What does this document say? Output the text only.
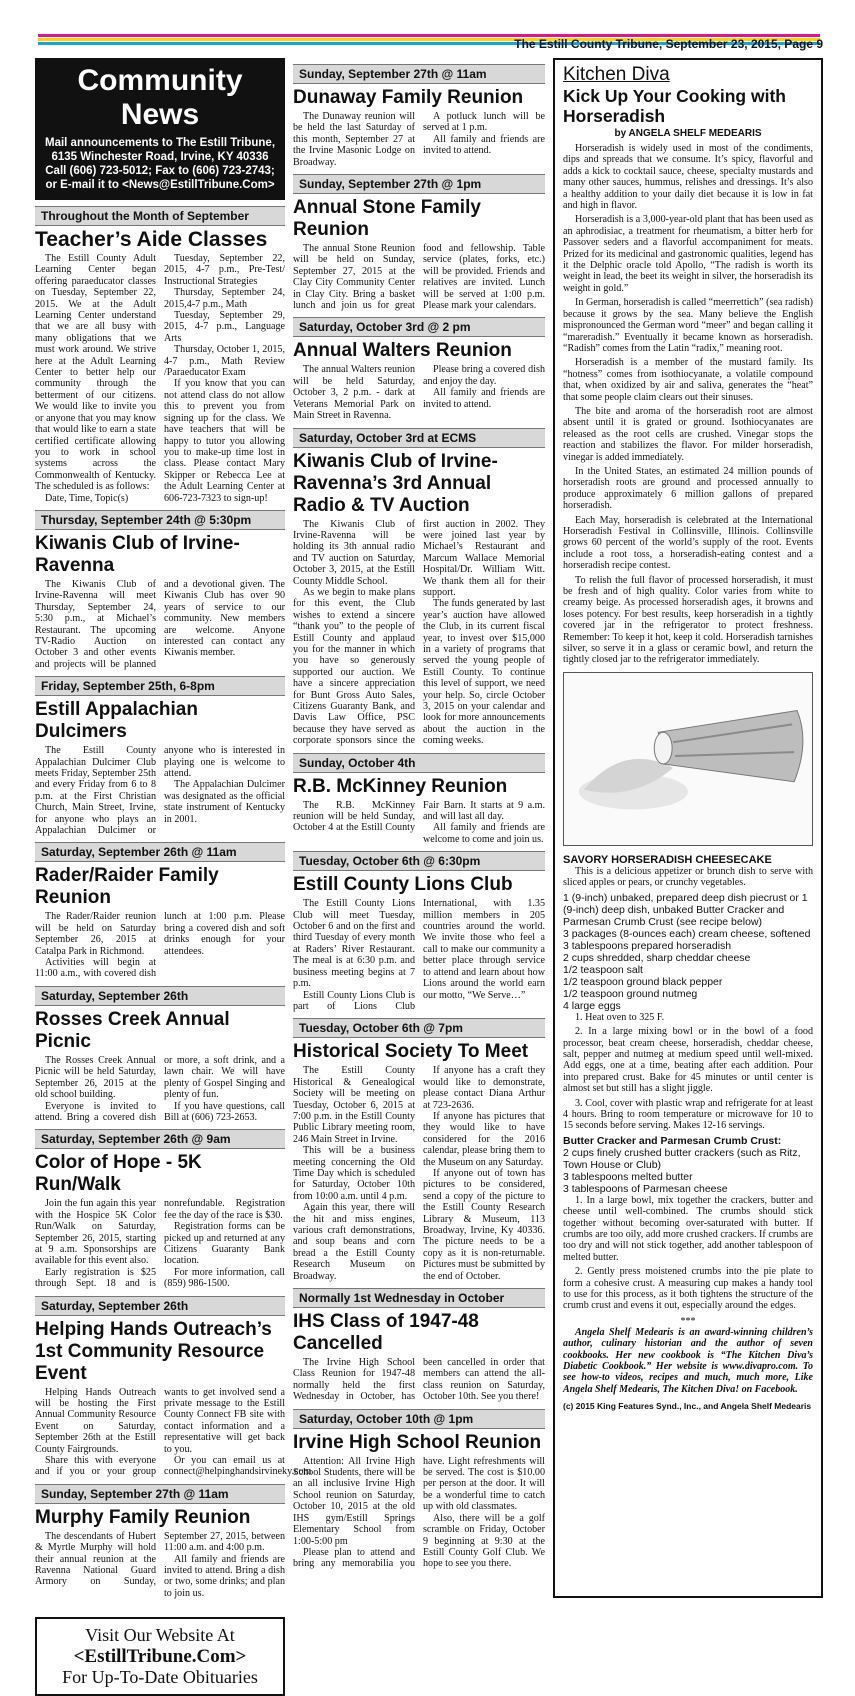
The Estill County Tribune, September 23, 2015, Page 9
Community News
Mail announcements to The Estill Tribune,
6135 Winchester Road, Irvine, KY 40336
Call (606) 723-5012; Fax to (606) 723-2743;
or E-mail it to <News@EstillTribune.Com>
Throughout the Month of September
Teacher’s Aide Classes

The Estill County Adult Learning Center began offering paraeducator classes on Tuesday, September 22, 2015. We at the Adult Learning Center understand that we are all busy with many obligations that we must work around. We strive here at the Adult Learning Center to better help our community through the betterment of our citizens. We would like to invite you or anyone that you may know that would like to earn a state certified certificate allowing you to work in school systems across the Commonwealth of Kentucky. The scheduled is as follows:

Date, Time, Topic(s)

Tuesday, September 22, 2015, 4-7 p.m., Pre-Test/ Instructional Strategies

Thursday, September 24, 2015,4-7 p.m., Math

Tuesday, September 29, 2015, 4-7 p.m., Language Arts

Thursday, October 1, 2015, 4-7 p.m., Math Review /Paraeducator Exam

If you know that you can not attend class do not allow this to prevent you from signing up for the class. We have teachers that will be happy to tutor you allowing you to make-up time lost in class. Please contact Mary Skipper or Rebecca Lee at the Adult Learning Center at 606-723-7323 to sign-up!

Thursday, September 24th @ 5:30pm
Kiwanis Club of Irvine-Ravenna

The Kiwanis Club of Irvine-Ravenna will meet Thursday, September 24, 5:30 p.m., at Michael’s Restaurant. The upcoming TV-Radio Auction on October 3 and other events and projects will be planned and a devotional given. The Kiwanis Club has over 90 years of service to our community. New members are welcome. Anyone interested can contact any Kiwanis member.

Friday, September 25th, 6-8pm
Estill Appalachian Dulcimers

The Estill County Appalachian Dulcimer Club meets Friday, September 25th and every Friday from 6 to 8 p.m. at the First Christian Church, Main Street, Irvine, for anyone who plays an Appalachian Dulcimer or anyone who is interested in playing one is welcome to attend.

The Appalachian Dulcimer was designated as the official state instrument of Kentucky in 2001.

Saturday, September 26th @ 11am
Rader/Raider Family Reunion

The Rader/Raider reunion will be held on Saturday September 26, 2015 at Catalpa Park in Richmond.

Activities will begin at 11:00 a.m., with covered dish lunch at 1:00 p.m. Please bring a covered dish and soft drinks enough for your attendees.

Saturday, September 26th
Rosses Creek Annual Picnic

The Rosses Creek Annual Picnic will be held Saturday, September 26, 2015 at the old school building.

Everyone is invited to attend. Bring a covered dish or more, a soft drink, and a lawn chair. We will have plenty of Gospel Singing and plenty of fun.

If you have questions, call Bill at (606) 723-2653.

Saturday, September 26th @ 9am
Color of Hope - 5K Run/Walk

Join the fun again this year with the Hospice 5K Color Run/Walk on Saturday, September 26, 2015, starting at 9 a.m. Sponsorships are available for this event also.

Early registration is $25 through Sept. 18 and is nonrefundable. Registration fee the day of the race is $30.

Registration forms can be picked up and returned at any Citizens Guaranty Bank location.

For more information, call (859) 986-1500.

Saturday, September 26th
Helping Hands Outreach’s 1st Community Resource Event

Helping Hands Outreach will be hosting the First Annual Community Resource Event on Saturday, September 26th at the Estill County Fairgrounds.

Share this with everyone and if you or your group wants to get involved send a private message to the Estill County Connect FB site with contact information and a representative will get back to you.

Or you can email us at connect@helpinghandsirvineky.com

Sunday, September 27th @ 11am
Murphy Family Reunion

The descendants of Hubert & Myrtle Murphy will hold their annual reunion at the Ravenna National Guard Armory on Sunday, September 27, 2015, between 11:00 a.m. and 4:00 p.m.

All family and friends are invited to attend. Bring a dish or two, some drinks; and plan to join us.

Visit Our Website At
<EstillTribune.Com>
For Up-To-Date Obituaries
Sunday, September 27th @ 11am
Dunaway Family Reunion

The Dunaway reunion will be held the last Saturday of this month, September 27 at the Irvine Masonic Lodge on Broadway.

A potluck lunch will be served at 1 p.m.

All family and friends are invited to attend.

Sunday, September 27th @ 1pm
Annual Stone Family Reunion

The annual Stone Reunion will be held on Sunday, September 27, 2015 at the Clay City Community Center in Clay City. Bring a basket lunch and join us for great food and fellowship. Table service (plates, forks, etc.) will be provided. Friends and relatives are invited. Lunch will be served at 1:00 p.m. Please mark your calendars.

Saturday, October 3rd @ 2 pm
Annual Walters Reunion

The annual Walters reunion will be held Saturday, October 3, 2 p.m. - dark at Veterans Memorial Park on Main Street in Ravenna.

Please bring a covered dish and enjoy the day.

All family and friends are invited to attend.

Saturday, October 3rd at ECMS
Kiwanis Club of Irvine-Ravenna’s 3rd Annual Radio & TV Auction

The Kiwanis Club of Irvine-Ravenna will be holding its 3th annual radio and TV auction on Saturday, October 3, 2015, at the Estill County Middle School.

As we begin to make plans for this event, the Club wishes to extend a sincere “thank you” to the people of Estill County and applaud you for the manner in which you have so generously supported our auction. We have a sincere appreciation for Bunt Gross Auto Sales, Citizens Guaranty Bank, and Davis Law Office, PSC because they have served as corporate sponsors since the first auction in 2002. They were joined last year by Michael’s Restaurant and Marcum Wallace Memorial Hospital/Dr. William Witt. We thank them all for their support.

The funds generated by last year’s auction have allowed the Club, in its current fiscal year, to invest over $15,000 in a variety of programs that served the young people of Estill County. To continue this level of support, we need your help. So, circle October 3, 2015 on your calendar and look for more announcements about the auction in the coming weeks.

Sunday, October 4th
R.B. McKinney Reunion

The R.B. McKinney reunion will be held Sunday, October 4 at the Estill County Fair Barn. It starts at 9 a.m. and will last all day.

All family and friends are welcome to come and join us.

Tuesday, October 6th @ 6:30pm
Estill County Lions Club

The Estill County Lions Club will meet Tuesday, October 6 and on the first and third Tuesday of every month at Raders’ River Restaurant. The meal is at 6:30 p.m. and business meeting begins at 7 p.m.

Estill County Lions Club is part of Lions Club International, with 1.35 million members in 205 countries around the world. We invite those who feel a call to make our community a better place through service to attend and learn about how Lions around the world earn our motto, “We Serve…”

Tuesday, October 6th @ 7pm
Historical Society To Meet

The Estill County Historical & Genealogical Society will be meeting on Tuesday, October 6, 2015 at 7:00 p.m. in the Estill County Public Library meeting room, 246 Main Street in Irvine.

This will be a business meeting concerning the Old Time Day which is scheduled for Saturday, October 10th from 10:00 a.m. until 4 p.m.

Again this year, there will the hit and miss engines, various craft demonstrations, and soup beans and corn bread a the Estill County Research Museum on Broadway.

If anyone has a craft they would like to demonstrate, please contact Diana Arthur at 723-2636.

If anyone has pictures that they would like to have considered for the 2016 calendar, please bring them to the Museum on any Saturday.

If anyone out of town has pictures to be considered, send a copy of the picture to the Estill County Research Library & Museum, 113 Broadway, Irvine, Ky 40336. The picture needs to be a copy as it is non-returnable. Pictures must be submitted by the end of October.

Normally 1st Wednesday in October
IHS Class of 1947-48 Cancelled

The Irvine High School Class Reunion for 1947-48 normally held the first Wednesday in October, has been cancelled in order that members can attend the all-class reunion on Saturday, October 10th. See you there!

Saturday, October 10th @ 1pm
Irvine High School Reunion

Attention: All Irvine High School Students, there will be an all inclusive Irvine High School reunion on Saturday, October 10, 2015 at the old IHS gym/Estill Springs Elementary School from 1:00-5:00 pm

Please plan to attend and bring any memorabilia you have. Light refreshments will be served. The cost is $10.00 per person at the door. It will be a wonderful time to catch up with old classmates.

Also, there will be a golf scramble on Friday, October 9 beginning at 9:30 at the Estill County Golf Club. We hope to see you there.

Kitchen Diva
Kick Up Your Cooking with Horseradish
by ANGELA SHELF MEDEARIS

Horseradish is widely used in most of the condiments, dips and spreads that we consume. It’s spicy, flavorful and adds a kick to cocktail sauce, cheese, specialty mustards and many other sauces, hummus, relishes and dressings. It’s also a healthy addition to your daily diet because it is low in fat and high in flavor.

Horseradish is a 3,000-year-old plant that has been used as an aphrodisiac, a treatment for rheumatism, a bitter herb for Passover seders and a flavorful accompaniment for meats. Prized for its medicinal and gastronomic qualities, legend has it the Delphic oracle told Apollo, “The radish is worth its weight in lead, the beet its weight in silver, the horseradish its weight in gold.”

In German, horseradish is called “meerrettich” (sea radish) because it grows by the sea. Many believe the English mispronounced the German word “meer” and began calling it “mareradish.” Eventually it became known as horseradish. “Radish” comes from the Latin “radix,” meaning root.

Horseradish is a member of the mustard family. Its “hotness” comes from isothiocyanate, a volatile compound that, when oxidized by air and saliva, generates the “heat” that some people claim clears out their sinuses.

The bite and aroma of the horseradish root are almost absent until it is grated or ground. Isothiocyanates are released as the root cells are crushed. Vinegar stops the reaction and stabilizes the flavor. For milder horseradish, vinegar is added immediately.

In the United States, an estimated 24 million pounds of horseradish roots are ground and processed annually to produce approximately 6 million gallons of prepared horseradish.

Each May, horseradish is celebrated at the International Horseradish Festival in Collinsville, Illinois. Collinsville grows 60 percent of the world’s supply of the root. Events include a root toss, a horseradish-eating contest and a horseradish recipe contest.

To relish the full flavor of processed horseradish, it must be fresh and of high quality. Color varies from white to creamy beige. As processed horseradish ages, it browns and loses potency. For best results, keep horseradish in a tightly covered jar in the refrigerator to protect freshness. Remember: To keep it hot, keep it cold. Horseradish tarnishes silver, so serve it in a glass or ceramic bowl, and return the tightly closed jar to the refrigerator immediately.

SAVORY HORSERADISH CHEESECAKE

This is a delicious appetizer or brunch dish to serve with sliced apples or pears, or crunchy vegetables.

1 (9-inch) unbaked, prepared deep dish piecrust or 1 (9-inch) deep dish, unbaked Butter Cracker and Parmesan Crumb Crust (see recipe below)
3 packages (8-ounces each) cream cheese, softened
3 tablespoons prepared horseradish
2 cups shredded, sharp cheddar cheese
1/2 teaspoon salt
1/2 teaspoon ground black pepper
1/2 teaspoon ground nutmeg
4 large eggs

1. Heat oven to 325 F.

2. In a large mixing bowl or in the bowl of a food processor, beat cream cheese, horseradish, cheddar cheese, salt, pepper and nutmeg at medium speed until well-mixed. Add eggs, one at a time, beating after each addition. Pour into prepared crust. Bake for 45 minutes or until center is almost set but still has a slight jiggle.

3. Cool, cover with plastic wrap and refrigerate for at least 4 hours. Bring to room temperature or microwave for 10 to 15 seconds before serving. Makes 12-16 servings.

Butter Cracker and Parmesan Crumb Crust:
2 cups finely crushed butter crackers (such as Ritz, Town House or Club)
3 tablespoons melted butter
3 tablespoons of Parmesan cheese

1. In a large bowl, mix together the crackers, butter and cheese until well-combined. The crumbs should stick together without becoming over-saturated with butter. If crumbs are too oily, add more crushed crackers. If crumbs are too dry and will not stick together, add another tablespoon of melted butter.

2. Gently press moistened crumbs into the pie plate to form a cohesive crust. A measuring cup makes a handy tool to use for this process, as it both tightens the structure of the crumb crust and evens it out, especially around the edges.

***
Angela Shelf Medearis is an award-winning children’s author, culinary historian and the author of seven cookbooks. Her new cookbook is “The Kitchen Diva’s Diabetic Cookbook.” Her website is www.divapro.com. To see how-to videos, recipes and much, much more, Like Angela Shelf Medearis, The Kitchen Diva! on Facebook.
(c) 2015 King Features Synd., Inc., and Angela Shelf Medearis
